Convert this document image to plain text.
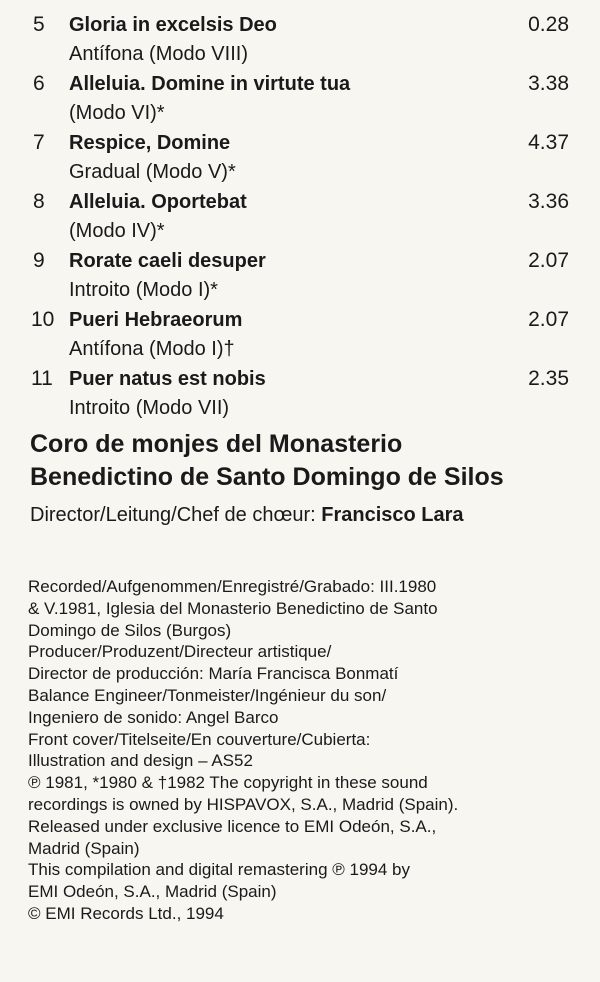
5 Gloria in excelsis Deo	0.28
Antífona (Modo VIII)
6 Alleluia. Domine in virtute tua	3.38
(Modo VI)*
7 Respice, Domine	4.37
Gradual (Modo V)*
8 Alleluia. Oportebat	3.36
(Modo IV)*
9 Rorate caeli desuper	2.07
Introito (Modo I)*
10 Pueri Hebraeorum	2.07
Antífona (Modo I)†
11 Puer natus est nobis	2.35
Introito (Modo VII)
Coro de monjes del Monasterio
Benedictino de Santo Domingo de Silos
Director/Leitung/Chef de chœur: Francisco Lara
Recorded/Aufgenommen/Enregistré/Grabado: III.1980
& V.1981, Iglesia del Monasterio Benedictino de Santo
Domingo de Silos (Burgos)
Producer/Produzent/Directeur artistique/
Director de producción: María Francisca Bonmatí
Balance Engineer/Tonmeister/Ingénieur du son/
Ingeniero de sonido: Angel Barco
Front cover/Titelseite/En couverture/Cubierta:
Illustration and design – AS52
℗ 1981, *1980 & †1982 The copyright in these sound
recordings is owned by HISPAVOX, S.A., Madrid (Spain).
Released under exclusive licence to EMI Odeón, S.A.,
Madrid (Spain)
This compilation and digital remastering ℗ 1994 by
EMI Odeón, S.A., Madrid (Spain)
© EMI Records Ltd., 1994
